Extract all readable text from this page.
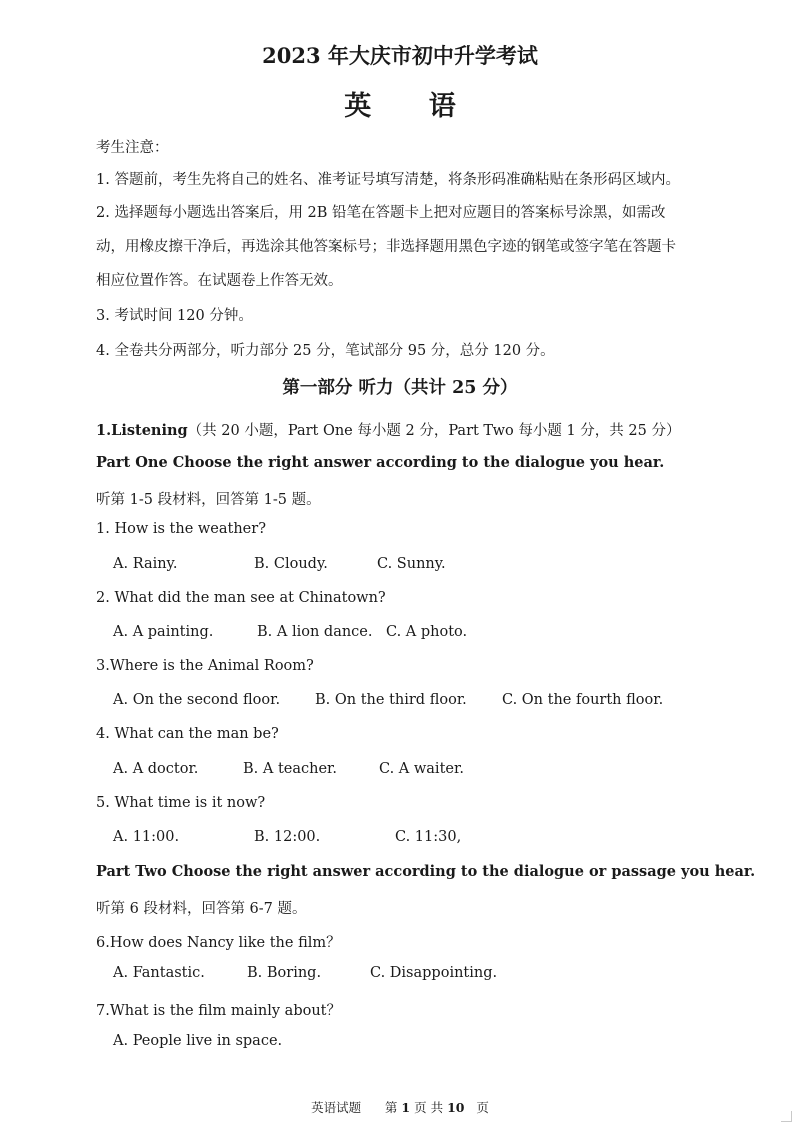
2023 年大庆市初中升学考试
英 语
考生注意：
1. 答题前，考生先将自己的姓名、准考证号填写清楚，将条形码准确粘贴在条形码区域内。
2. 选择题每小题选出答案后，用 2B 铅笔在答题卡上把对应题目的答案标号涂黑，如需改
动，用橡皮擦干净后，再选涂其他答案标号；非选择题用黑色字迹的钢笔或签字笔在答题卡
相应位置作答。在试题卷上作答无效。
3. 考试时间 120 分钟。
4. 全卷共分两部分，听力部分 25 分，笔试部分 95 分，总分 120 分。
第一部分 听力（共计 25 分）
1.Listening（共 20 小题，Part One 每小题 2 分，Part Two 每小题 1 分，共 25 分）
Part One Choose the right answer according to the dialogue you hear.
听第 1-5 段材料，回答第 1-5 题。
1. How is the weather?
A. Rainy.	B. Cloudy.	C. Sunny.
2. What did the man see at Chinatown?
A. A painting.	B. A lion dance. C. A photo.
3.Where is the Animal Room?
A. On the second floor. B. On the third floor. C. On the fourth floor.
4. What can the man be?
A. A doctor.	B. A teacher.	C. A waiter.
5. What time is it now?
A. 11:00.	B. 12:00.	C. 11:30,
Part Two Choose the right answer according to the dialogue or passage you hear.
听第 6 段材料，回答第 6-7 题。
6.How does Nancy like the film？
A. Fantastic.	B. Boring.	C. Disappointing.
7.What is the film mainly about？
A. People live in space.
英语试题 第 1 页 共 10 页
